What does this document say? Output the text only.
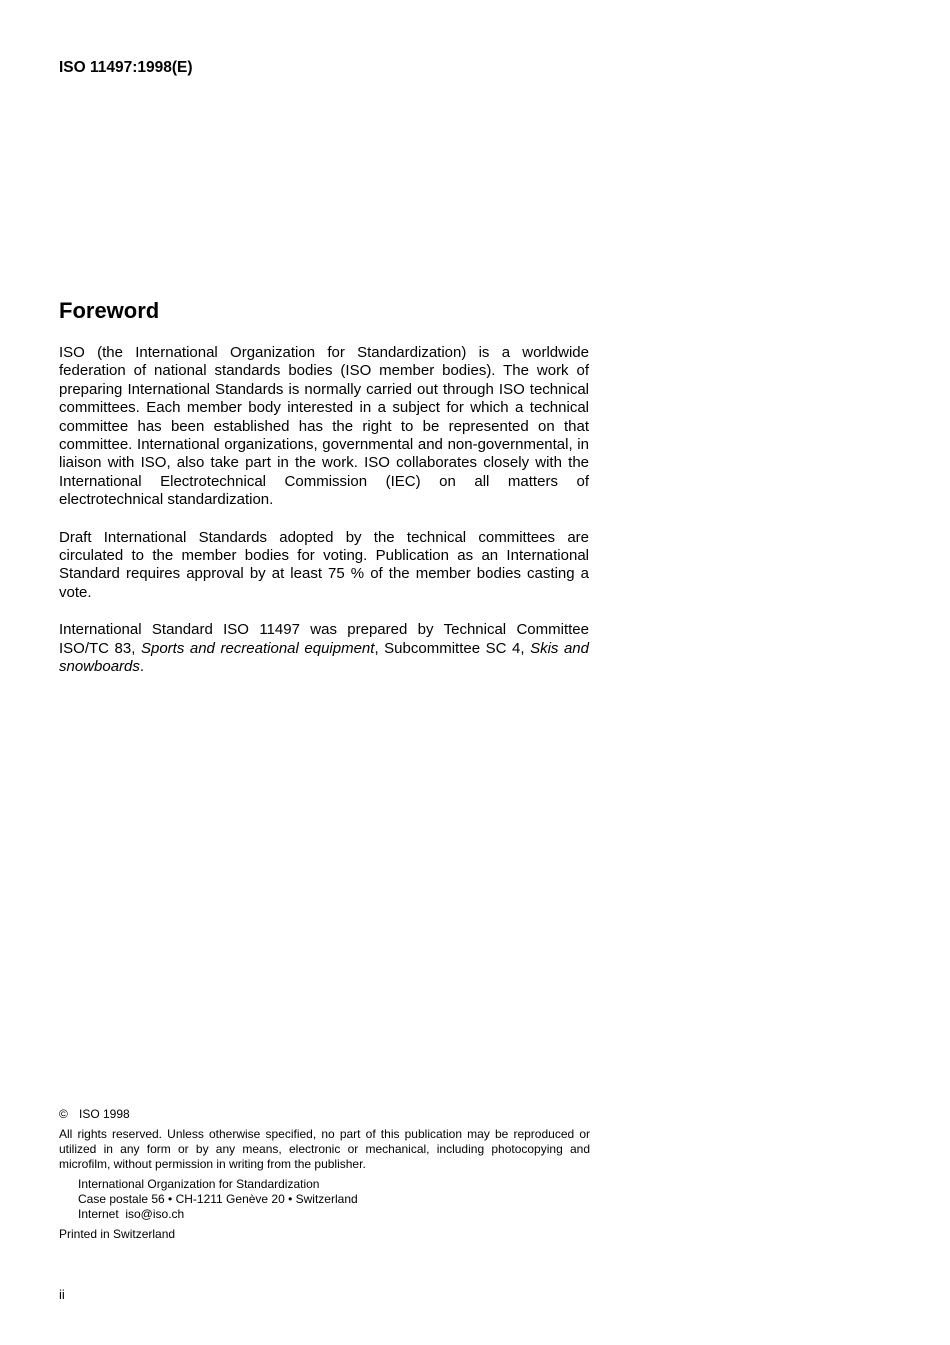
ISO 11497:1998(E)
Foreword

ISO (the International Organization for Standardization) is a worldwide federation of national standards bodies (ISO member bodies). The work of preparing International Standards is normally carried out through ISO technical committees. Each member body interested in a subject for which a technical committee has been established has the right to be represented on that committee. International organizations, governmental and non-governmental, in liaison with ISO, also take part in the work. ISO collaborates closely with the International Electrotechnical Commission (IEC) on all matters of electrotechnical standardization.

Draft International Standards adopted by the technical committees are circulated to the member bodies for voting. Publication as an International Standard requires approval by at least 75 % of the member bodies casting a vote.

International Standard ISO 11497 was prepared by Technical Committee ISO/TC 83, Sports and recreational equipment, Subcommittee SC 4, Skis and snowboards.

© ISO 1998
All rights reserved. Unless otherwise specified, no part of this publication may be reproduced or utilized in any form or by any means, electronic or mechanical, including photocopying and microfilm, without permission in writing from the publisher.
International Organization for Standardization
Case postale 56 • CH-1211 Genève 20 • Switzerland
Internet iso@iso.ch
Printed in Switzerland
ii
